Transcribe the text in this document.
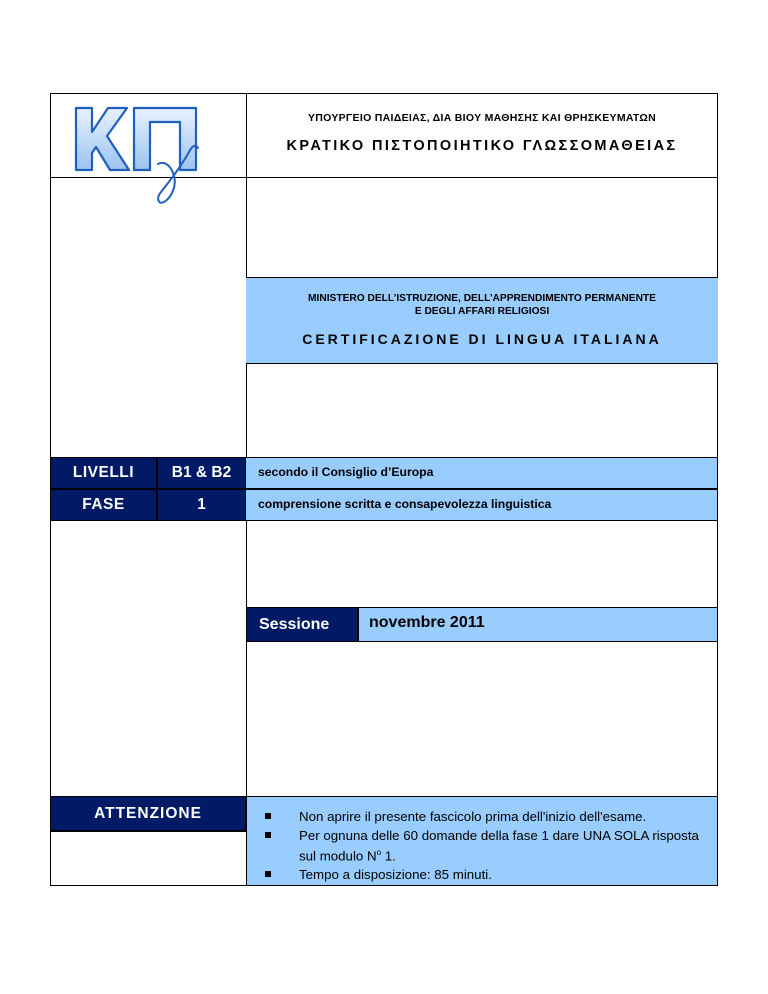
ΥΠΟΥΡΓΕΙΟ ΠΑΙΔΕΙΑΣ, ΔΙΑ ΒΙΟΥ ΜΑΘΗΣΗΣ ΚΑΙ ΘΡΗΣΚΕΥΜΑΤΩΝ
ΚΡΑΤΙΚΟ ΠΙΣΤΟΠΟΙΗΤΙΚΟ ΓΛΩΣΣΟΜΑΘΕΙΑΣ
MINISTERO DELL’ISTRUZIONE, DELL’APPRENDIMENTO PERMANENTE
E DEGLI AFFARI RELIGIOSI
CERTIFICAZIONE DI LINGUA ITALIANA
LIVELLI	B1 & B2	secondo il Consiglio d’Europa
FASE	1	comprensione scritta e consapevolezza linguistica
Sessione	novembre 2011
ATTENZIONE	Non aprire il presente fascicolo prima dell'inizio dell'esame.
Per ognuna delle 60 domande della fase 1 dare UNA SOLA risposta sul modulo $N^o$ 1.
Tempo a disposizione: 85 minuti.
